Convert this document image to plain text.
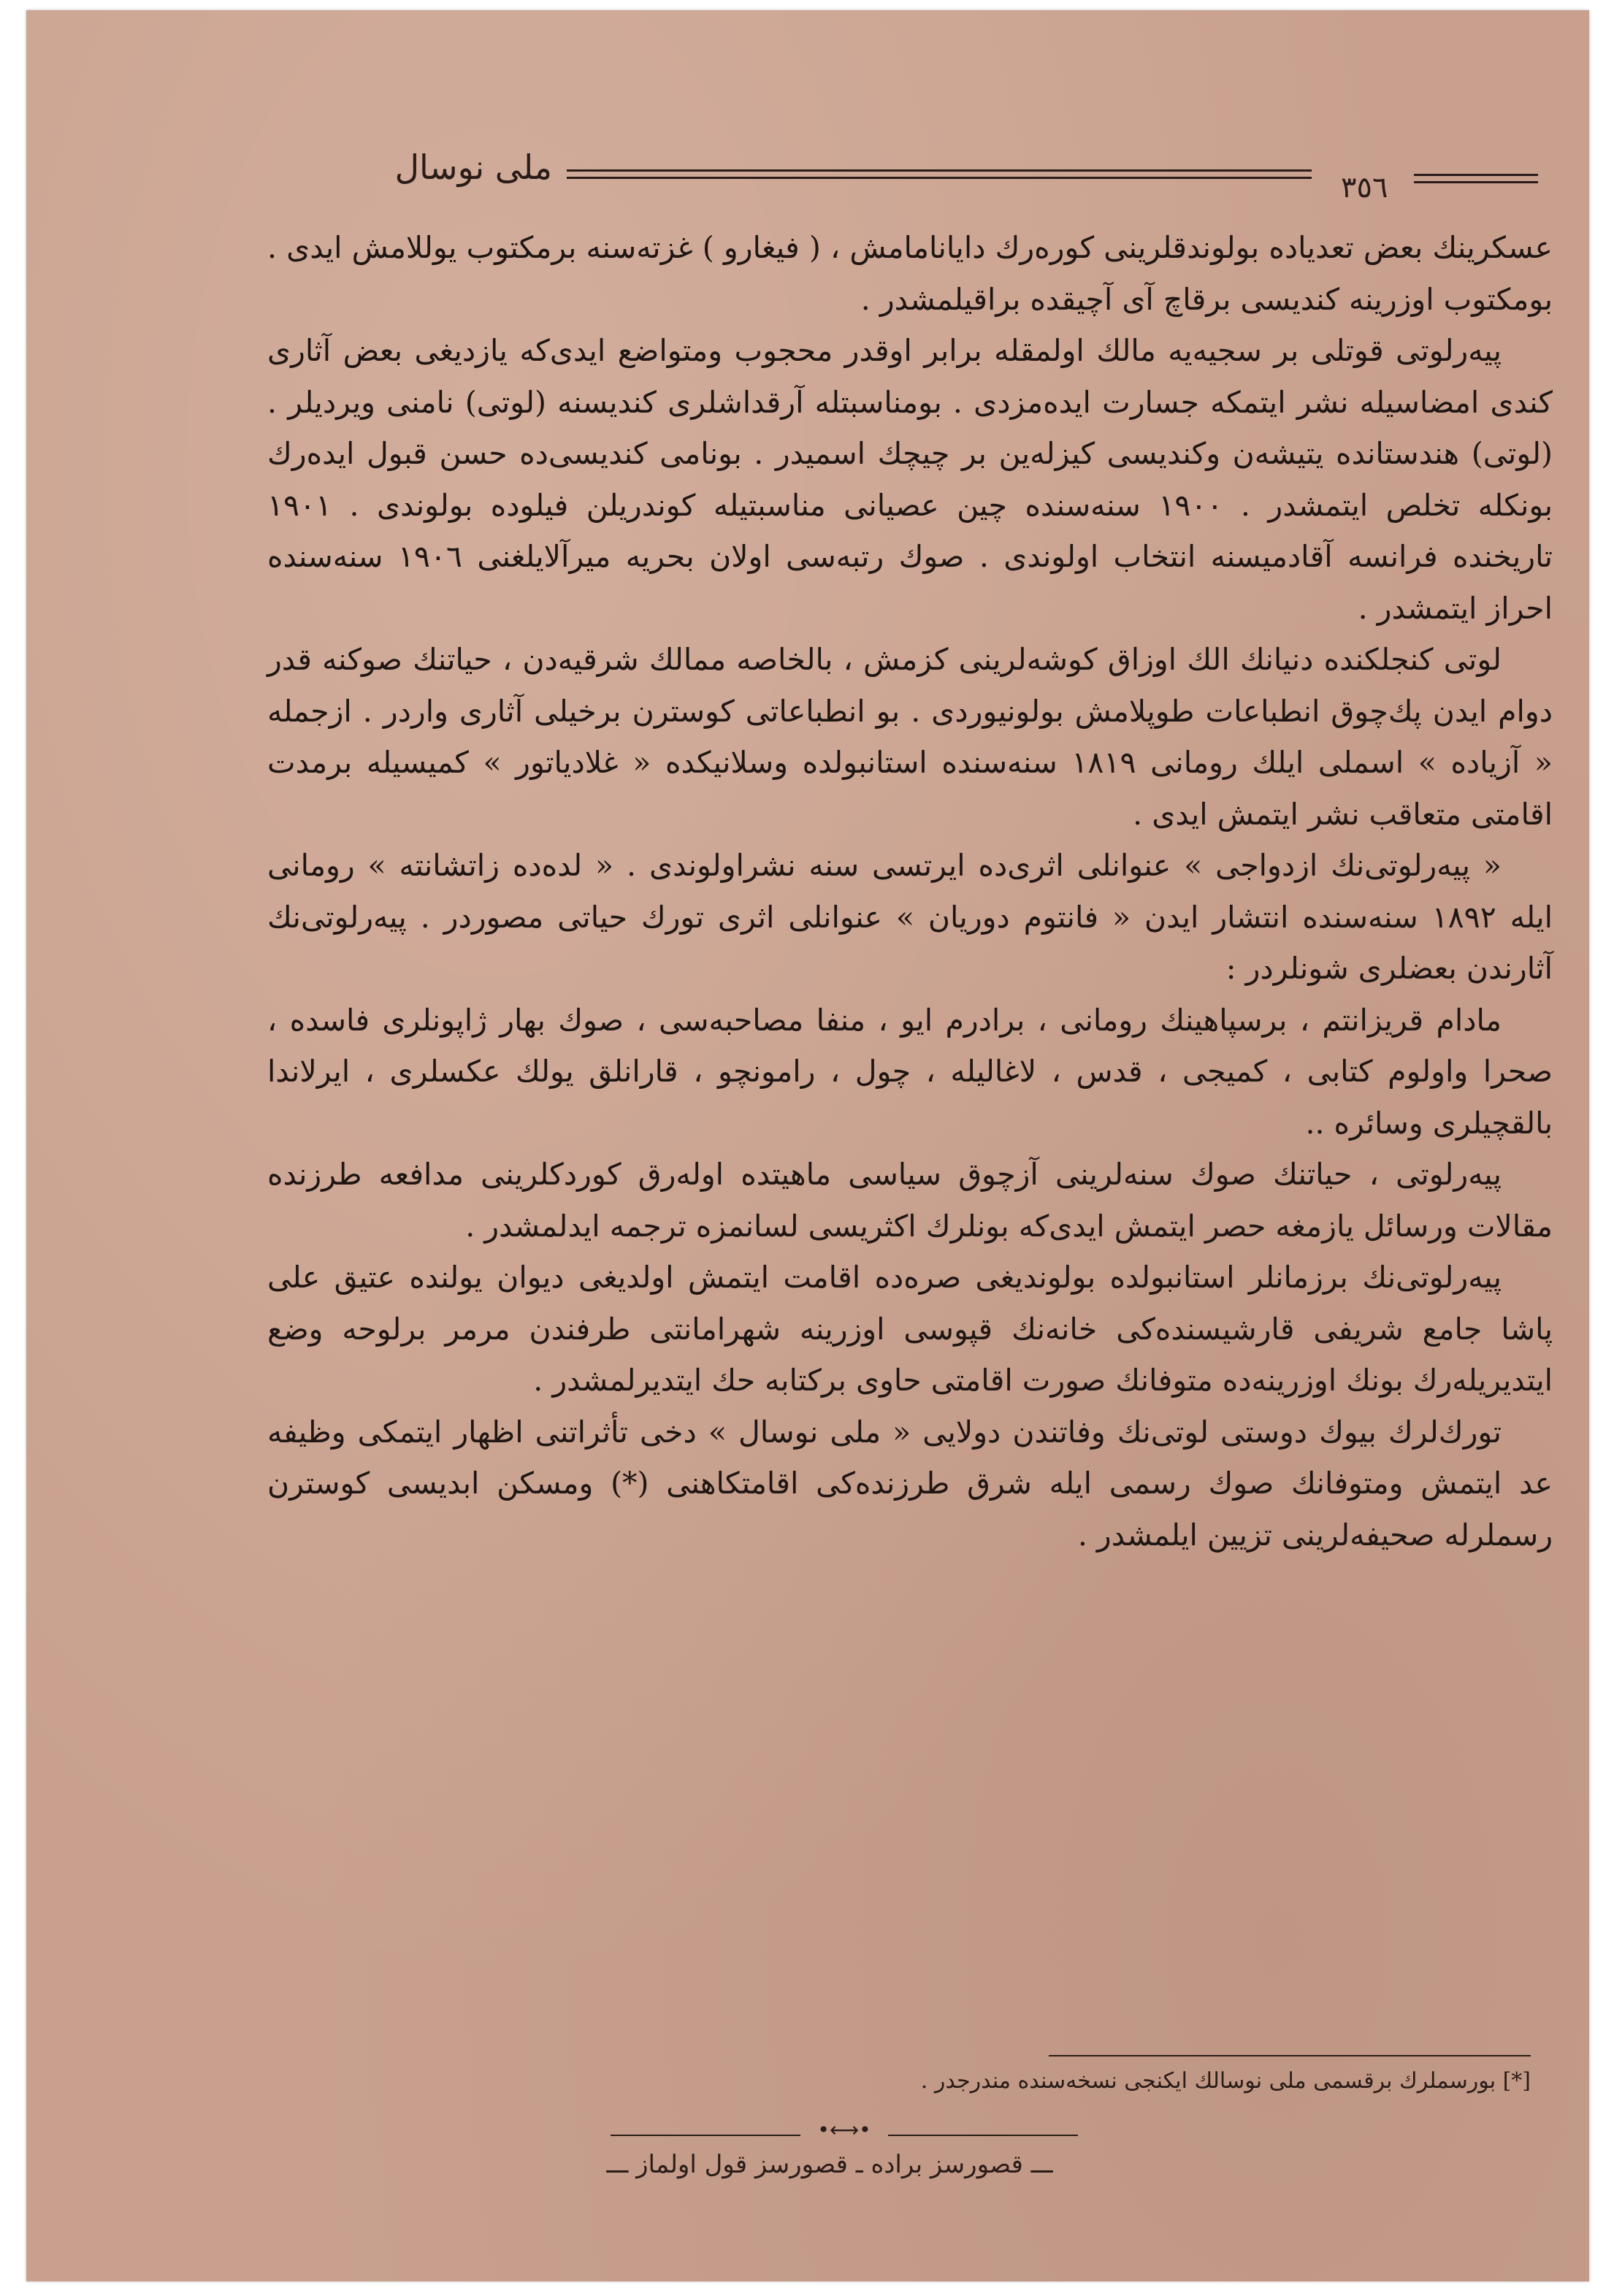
ملی نوسال
٣٥٦

عسکرینك بعض تعدیاده بولوندقلرینی کوره‌رك دایانامامش ، ( فیغارو ) غزته‌سنه برمکتوب یوللامش ایدی . بومکتوب اوزرینه کندیسی برقاچ آی آچیقده براقیلمشدر .

پیه‌رلوتی قوتلی بر سجیه‌یه مالك اولمقله برابر اوقدر محجوب ومتواضع ایدی‌که یازدیغی بعض آثاری کندی امضاسیله نشر ایتمکه جسارت ایده‌مزدی . بومناسبتله آرقداشلری کندیسنه (لوتی) نامنی ویردیلر . (لوتی) هندستانده یتیشه‌ن وکندیسی کیزله‌ین بر چیچك اسمیدر . بونامی کندیسی‌ده حسن قبول ایده‌رك بونکله تخلص ایتمشدر . ۱۹۰۰ سنه‌سنده چین عصیانی مناسبتیله کوندریلن فیلوده بولوندی . ۱۹۰۱ تاریخنده فرانسه آقادمیسنه انتخاب اولوندی . صوك رتبه‌سی اولان بحریه میرآلایلغنی ۱۹۰٦ سنه‌سنده احراز ایتمشدر .

لوتی کنجلکنده دنیانك الك اوزاق کوشه‌لرینی کزمش ، بالخاصه ممالك شرقیه‌دن ، حیاتنك صوکنه قدر دوام ایدن پك‌چوق انطباعات طوپلامش بولونیوردی . بو انطباعاتی کوسترن برخیلی آثاری واردر . ازجمله « آزیاده » اسملی ایلك رومانی ۱۸۱۹ سنه‌سنده استانبولده وسلانیکده « غلادیاتور » کمیسیله برمدت اقامتی متعاقب نشر ایتمش ایدی .

« پیه‌رلوتی‌نك ازدواجی » عنوانلی اثری‌ده ایرتسی سنه نشراولوندی . « لده‌ده زاتشانته » رومانی ایله ۱۸۹۲ سنه‌سنده انتشار ایدن « فانتوم دوریان » عنوانلی اثری تورك حیاتی مصوردر . پیه‌رلوتی‌نك آثارندن بعضلری شونلردر :

مادام قریزانتم ، برسپاهینك رومانی ، برادرم ایو ، منفا مصاحبه‌سی ، صوك بهار ژاپونلری فاسده ، صحرا واولوم کتابی ، کمیجی ، قدس ، لاغالیله ، چول ، رامونچو ، قارانلق یولك عکسلری ، ایرلاندا بالقچیلری وسائره ..

پیه‌رلوتی ، حیاتنك صوك سنه‌لرینی آزچوق سیاسی ماهیتده اوله‌رق کوردکلرینی مدافعه طرزنده مقالات ورسائل یازمغه حصر ایتمش ایدی‌که بونلرك اکثریسی لسانمزه ترجمه ایدلمشدر .

پیه‌رلوتی‌نك برزمانلر استانبولده بولوندیغی صره‌ده اقامت ایتمش اولدیغی دیوان یولنده عتیق علی پاشا جامع شریفی قارشیسنده‌کی خانه‌نك قپوسی اوزرینه شهرامانتی طرفندن مرمر برلوحه وضع ایتدیریله‌رك بونك اوزرینه‌ده متوفانك صورت اقامتی حاوی برکتابه حك ایتدیرلمشدر .

تورك‌لرك بیوك دوستی لوتی‌نك وفاتندن دولایی « ملی نوسال » دخی تأثراتنی اظهار ایتمکی وظیفه عد ایتمش ومتوفانك صوك رسمی ایله شرق طرزنده‌کی اقامتکاهنی (*) ومسکن ابدیسی کوسترن رسملرله صحیفه‌لرینی تزیین ایلمشدر .

[*] بورسملرك برقسمی ملی نوسالك ایکنجی نسخه‌سنده مندرجدر .
•⟷•
ـــ قصورسز براده ـ قصورسز قول اولماز ـــ
